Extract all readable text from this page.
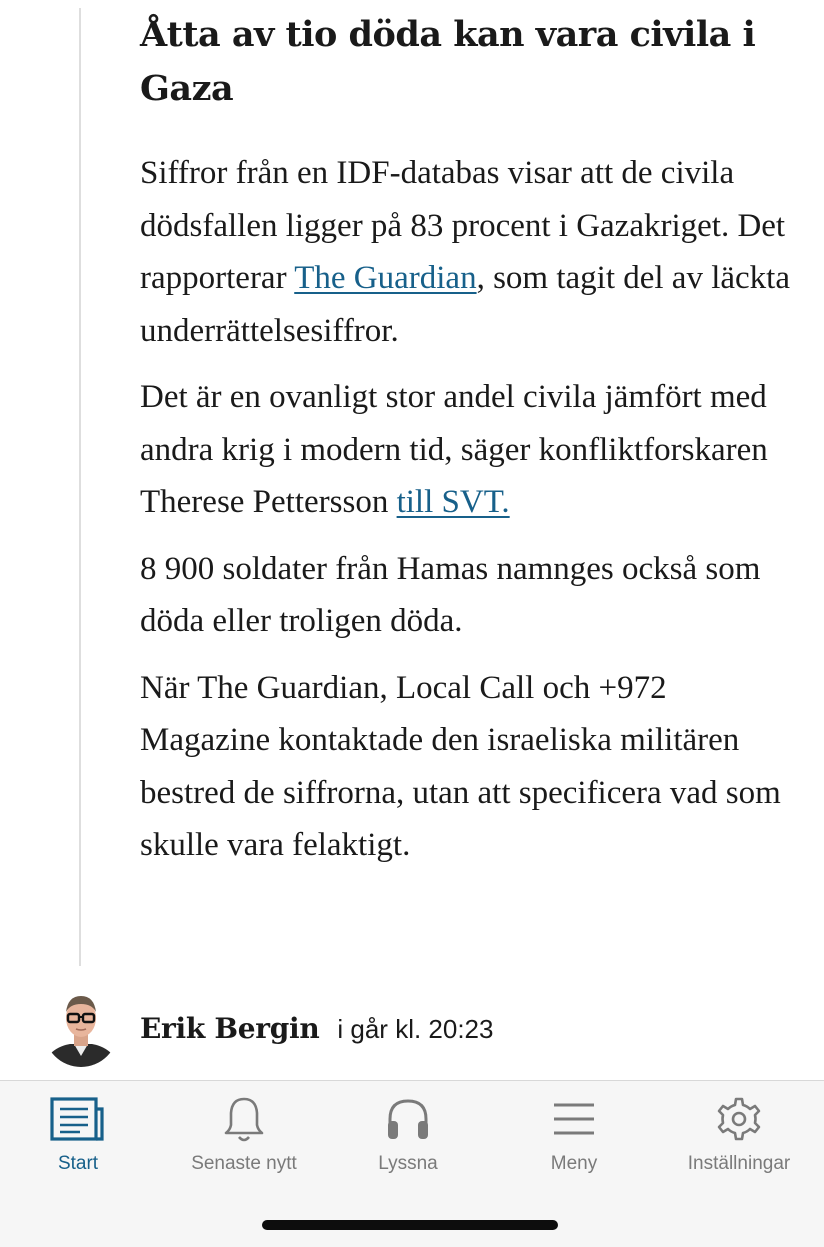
Åtta av tio döda kan vara civila i Gaza

Siffror från en IDF-databas visar att de civila dödsfallen ligger på 83 procent i Gazakriget. Det rapporterar The Guardian, som tagit del av läckta underrättelsesiffror.

Det är en ovanligt stor andel civila jämfört med andra krig i modern tid, säger konfliktforskaren Therese Pettersson till SVT.

8 900 soldater från Hamas namnges också som döda eller troligen döda.

När The Guardian, Local Call och +972 Magazine kontaktade den israeliska militären bestred de siffrorna, utan att specificera vad som skulle vara felaktigt.

Erik Bergin i går kl. 20:23
Start	Senaste nytt	Lyssna	Meny	Inställningar
